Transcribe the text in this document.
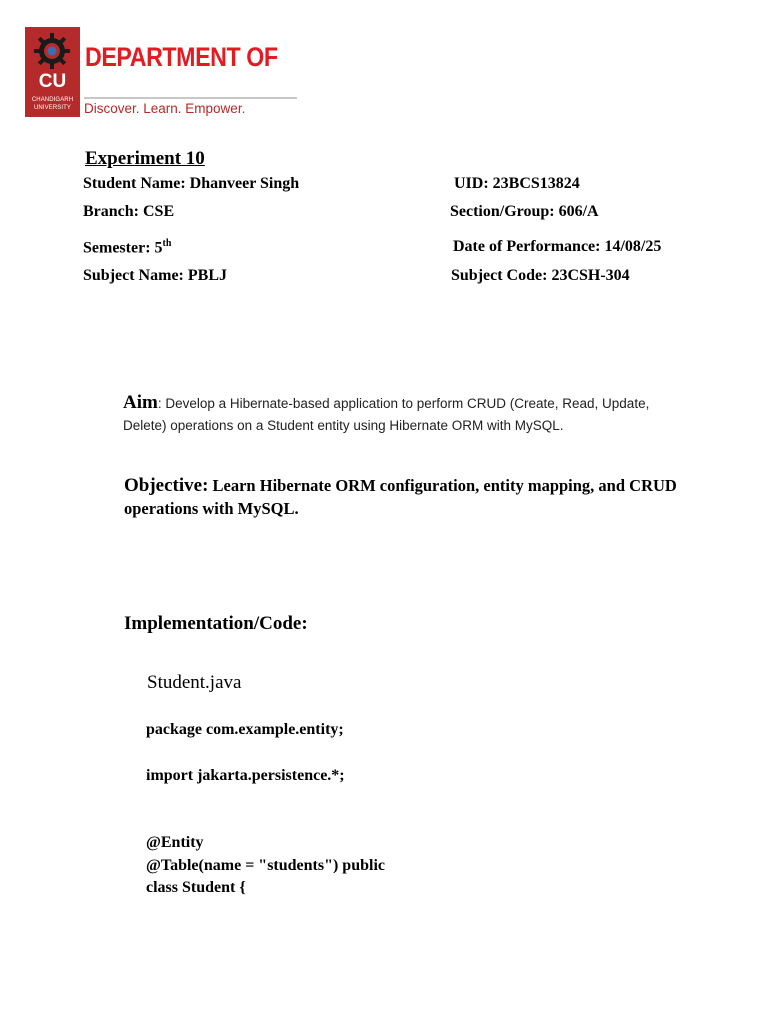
CU
CHANDIGARH UNIVERSITY
DEPARTMENT OF
Discover. Learn. Empower.
Experiment 10
Student Name: Dhanveer Singh	UID: 23BCS13824
Branch: CSE	Section/Group: 606/A
Semester: 5th	Date of Performance: 14/08/25
Subject Name: PBLJ	Subject Code: 23CSH-304
Aim: Develop a Hibernate-based application to perform CRUD (Create, Read, Update, Delete) operations on a Student entity using Hibernate ORM with MySQL.
Objective: Learn Hibernate ORM configuration, entity mapping, and CRUD operations with MySQL.
Implementation/Code:
Student.java
package com.example.entity;
import jakarta.persistence.*;
@Entity
@Table(name = "students") public
class Student {
